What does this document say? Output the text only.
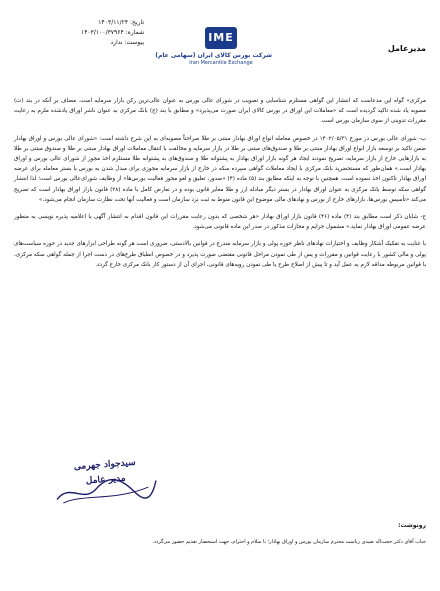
مدیرعامل
تاریخ: ۱۴۰۳/۱۱/۲۴
شماره: ۱۴۰۳/۱۰۰/۳۷۹۶۴
پیوست: ندارد	IME
شرکت بورس کالای ایران (سهامی عام)
Iran Mercantile Exchange

مرکزی» گواه این مدعاست که انتشار این گواهی مستلزم شناسایی و تصویب در شورای عالی بورس به عنوان عالی‌ترین رکن بازار سرمایه است. مضاف بر آنکه در بند (ت) مصوبه یاد شده تاکید گردیده است که «معاملات این اوراق در بورس کالای ایران صورت می‌پذیرد» و مطابق با بند (ج) بانک مرکزی به عنوان ناشر اوراق یادشده ملزم به رعایت مقررات تدوینی از سوی سازمان بورس است.

ب- شورای عالی بورس در مورخ ۱۴۰۲/۰۵/۳۱ در خصوص معامله انواع اوراق بهادار مبتنی بر طلا صراحتاً مصوبه‌ای به این شرح داشته است: «شورای عالی بورس و اوراق بهادار ضمن تاکید بر توسعه بازار انواع اوراق بهادار مبتنی بر طلا و صندوق‌های مبتنی بر طلا در بازار سرمایه و مخالفت با انتقال معاملات اوراق بهادار مبتنی بر طلا و صندوق مبتنی بر طلا به بازارهایی خارج از بازار سرمایه، تصریح نمودند ایجاد هر گونه بازار اوراق بهادار به پشتوانه طلا و صندوق‌های به پشتوانه طلا مستلزم اخذ مجوز از شورای عالی بورس و اوراق بهادار است.» همان‌طور که مستحضرید بانک مرکزی با ایجاد معاملات گواهی سپرده سکه در خارج از بازار سرمایه مجوزی برای مبدل شدن به بورس یا بستر معامله برای عرضه اوراق بهادار تاکنون اخذ ننموده است. همچنین با توجه به اینکه مطابق بند (۵) ماده (۴) «صدور، تعلیق و لغو مجوز فعالیت بورس‌ها» از وظایف شورای‌عالی بورس است؛ لذا انتشار گواهی سکه توسط بانک مرکزی به عنوان اوراق بهادار در بستر دیگر مبادله ارز و طلا مغایر قانون بوده و در تعارض کامل با ماده (۲۸) قانون بازار اوراق بهادار است که تصریح می‌کند «تأسیس بورس‌ها، بازارهای خارج از بورس و نهادهای مالی موضوع این قانون منوط به ثبت نزد سازمان است و فعالیت آنها تحت نظارت سازمان انجام می‌شود.»

ج- شایان ذکر است مطابق بند (۴) ماده (۴۶) قانون بازار اوراق بهادار «هر شخصی که بدون رعایت مقررات این قانون اقدام به انتشار آگهی یا اعلامیه پذیره نویسی به منظور عرضه عمومی اوراق بهادار نماید.» مشمول جرایم و مجازات مذکور در صدر این ماده قانونی می‌شود.

با عنایت به تفکیک آشکار وظایف و اختیارات نهادهای ناظر حوزه پولی و بازار سرمایه مندرج در قوانین بالادستی، ضروری است هر گونه طراحی ابزارهای جدید در حوزه سیاست‌های پولی و مالی کشور با رعایت قوانین و مقررات و پس از طی نمودن مراحل قانونی مقتضی صورت پذیرد و در خصوص انطباق طرح‌های در دست اجرا از جمله گواهی سکه مرکزی، با قوانین مربوطه مداقه لازم به عمل آید و تا پیش از اصلاح طرح یا طی نمودن رویه‌های قانونی، اجرای آن از دستور کار بانک مرکزی خارج گردد.

سیدجواد جهرمی
مدیر عامل
رونوشت:
جناب آقای دکتر حجت‌اله صیدی ریاست محترم سازمان بورس و اوراق بهادار؛ با سلام و احترام، جهت استحضار تقدیم حضور می‌گردد.
